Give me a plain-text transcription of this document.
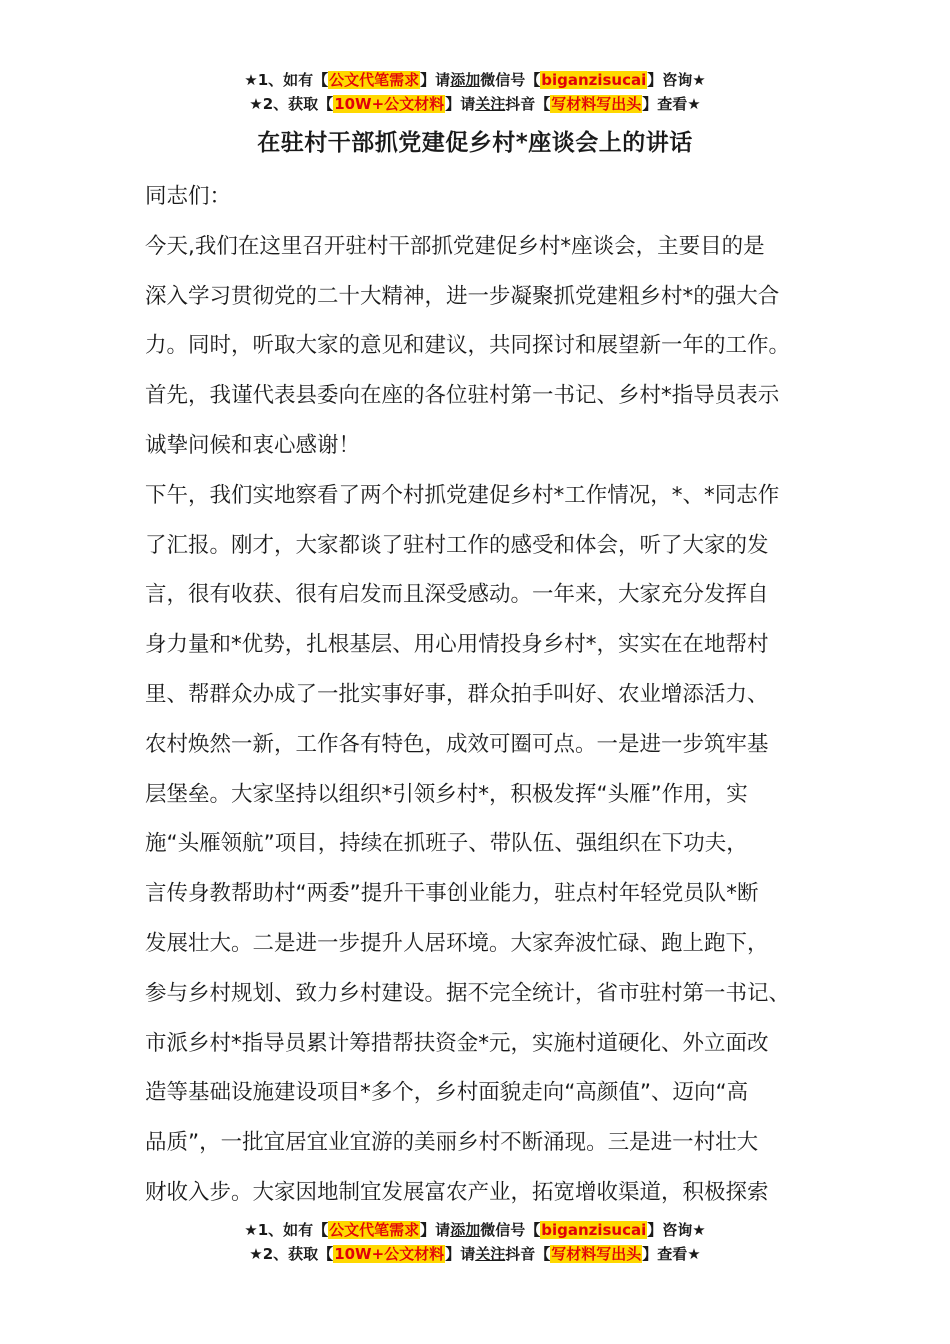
★1、如有【公文代笔需求】请添加微信号【biganzisucai】咨询★
★2、获取【10W+公文材料】请关注抖音【写材料写出头】查看★
在驻村干部抓党建促乡村*座谈会上的讲话
同志们：
今天,我们在这里召开驻村干部抓党建促乡村*座谈会，主要目的是
深入学习贯彻党的二十大精神，进一步凝聚抓党建粗乡村*的强大合
力。同时，听取大家的意见和建议，共同探讨和展望新一年的工作。
首先，我谨代表县委向在座的各位驻村第一书记、乡村*指导员表示
诚挚问候和衷心感谢！
下午，我们实地察看了两个村抓党建促乡村*工作情况，*、*同志作
了汇报。刚才，大家都谈了驻村工作的感受和体会，听了大家的发
言，很有收获、很有启发而且深受感动。一年来，大家充分发挥自
身力量和*优势，扎根基层、用心用情投身乡村*，实实在在地帮村
里、帮群众办成了一批实事好事，群众拍手叫好、农业增添活力、
农村焕然一新，工作各有特色，成效可圈可点。一是进一步筑牢基
层堡垒。大家坚持以组织*引领乡村*，积极发挥“头雁”作用，实
施“头雁领航”项目，持续在抓班子、带队伍、强组织在下功夫，
言传身教帮助村“两委”提升干事创业能力，驻点村年轻党员队*断
发展壮大。二是进一步提升人居环境。大家奔波忙碌、跑上跑下，
参与乡村规划、致力乡村建设。据不完全统计，省市驻村第一书记、
市派乡村*指导员累计筹措帮扶资金*元，实施村道硬化、外立面改
造等基础设施建设项目*多个，乡村面貌走向“高颜值”、迈向“高
品质”，一批宜居宜业宜游的美丽乡村不断涌现。三是进一村壮大
财收入步。大家因地制宜发展富农产业，拓宽增收渠道，积极探索
★1、如有【公文代笔需求】请添加微信号【biganzisucai】咨询★
★2、获取【10W+公文材料】请关注抖音【写材料写出头】查看★
